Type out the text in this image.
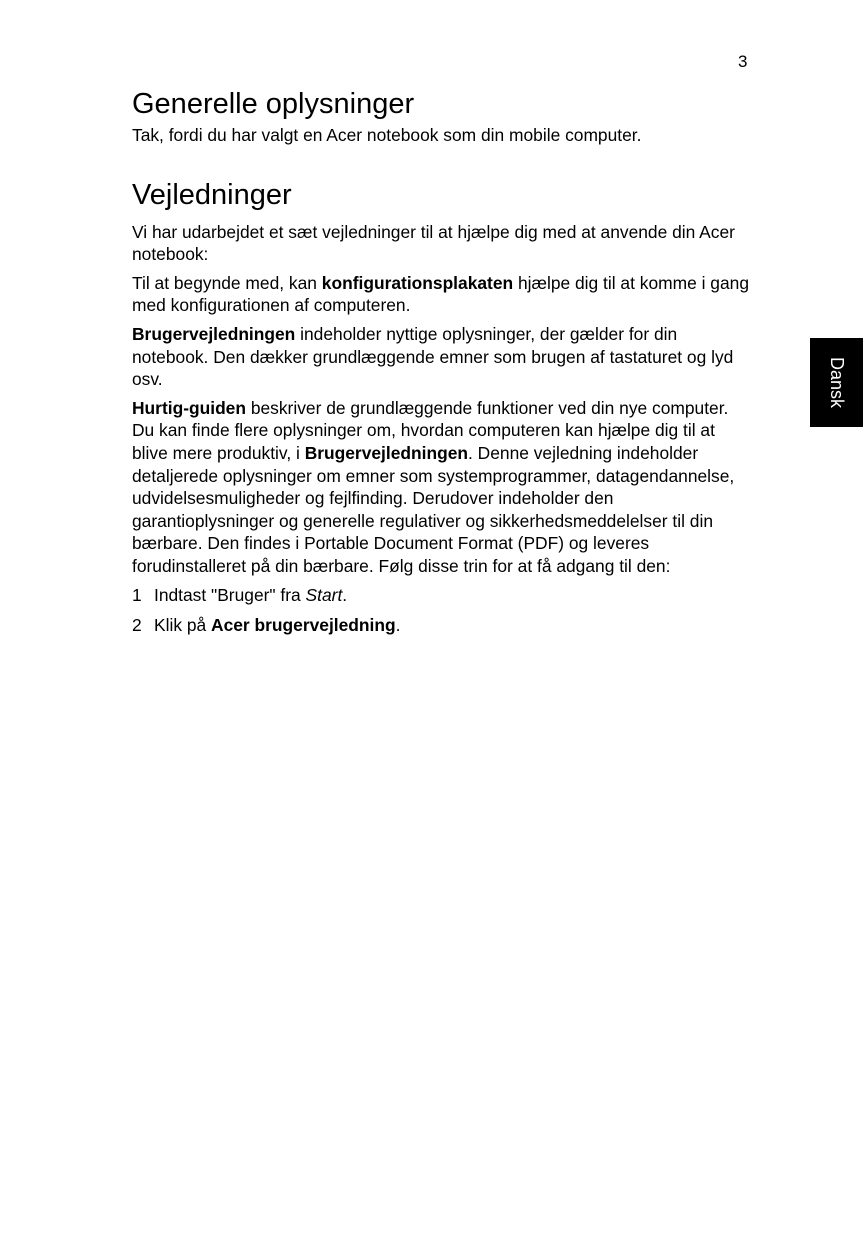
3
Dansk
Generelle oplysninger

Tak, fordi du har valgt en Acer notebook som din mobile computer.

Vejledninger

Vi har udarbejdet et sæt vejledninger til at hjælpe dig med at anvende din Acer notebook:

Til at begynde med, kan konfigurationsplakaten hjælpe dig til at komme i gang med konfigurationen af computeren.

Brugervejledningen indeholder nyttige oplysninger, der gælder for din notebook. Den dækker grundlæggende emner som brugen af tastaturet og lyd osv.

Hurtig-guiden beskriver de grundlæggende funktioner ved din nye computer. Du kan finde flere oplysninger om, hvordan computeren kan hjælpe dig til at blive mere produktiv, i Brugervejledningen. Denne vejledning indeholder detaljerede oplysninger om emner som systemprogrammer, datagendannelse, udvidelsesmuligheder og fejlfinding. Derudover indeholder den garantioplysninger og generelle regulativer og sikkerhedsmeddelelser til din bærbare. Den findes i Portable Document Format (PDF) og leveres forudinstalleret på din bærbare. Følg disse trin for at få adgang til den:

1 Indtast "Bruger" fra Start.
2 Klik på Acer brugervejledning.
